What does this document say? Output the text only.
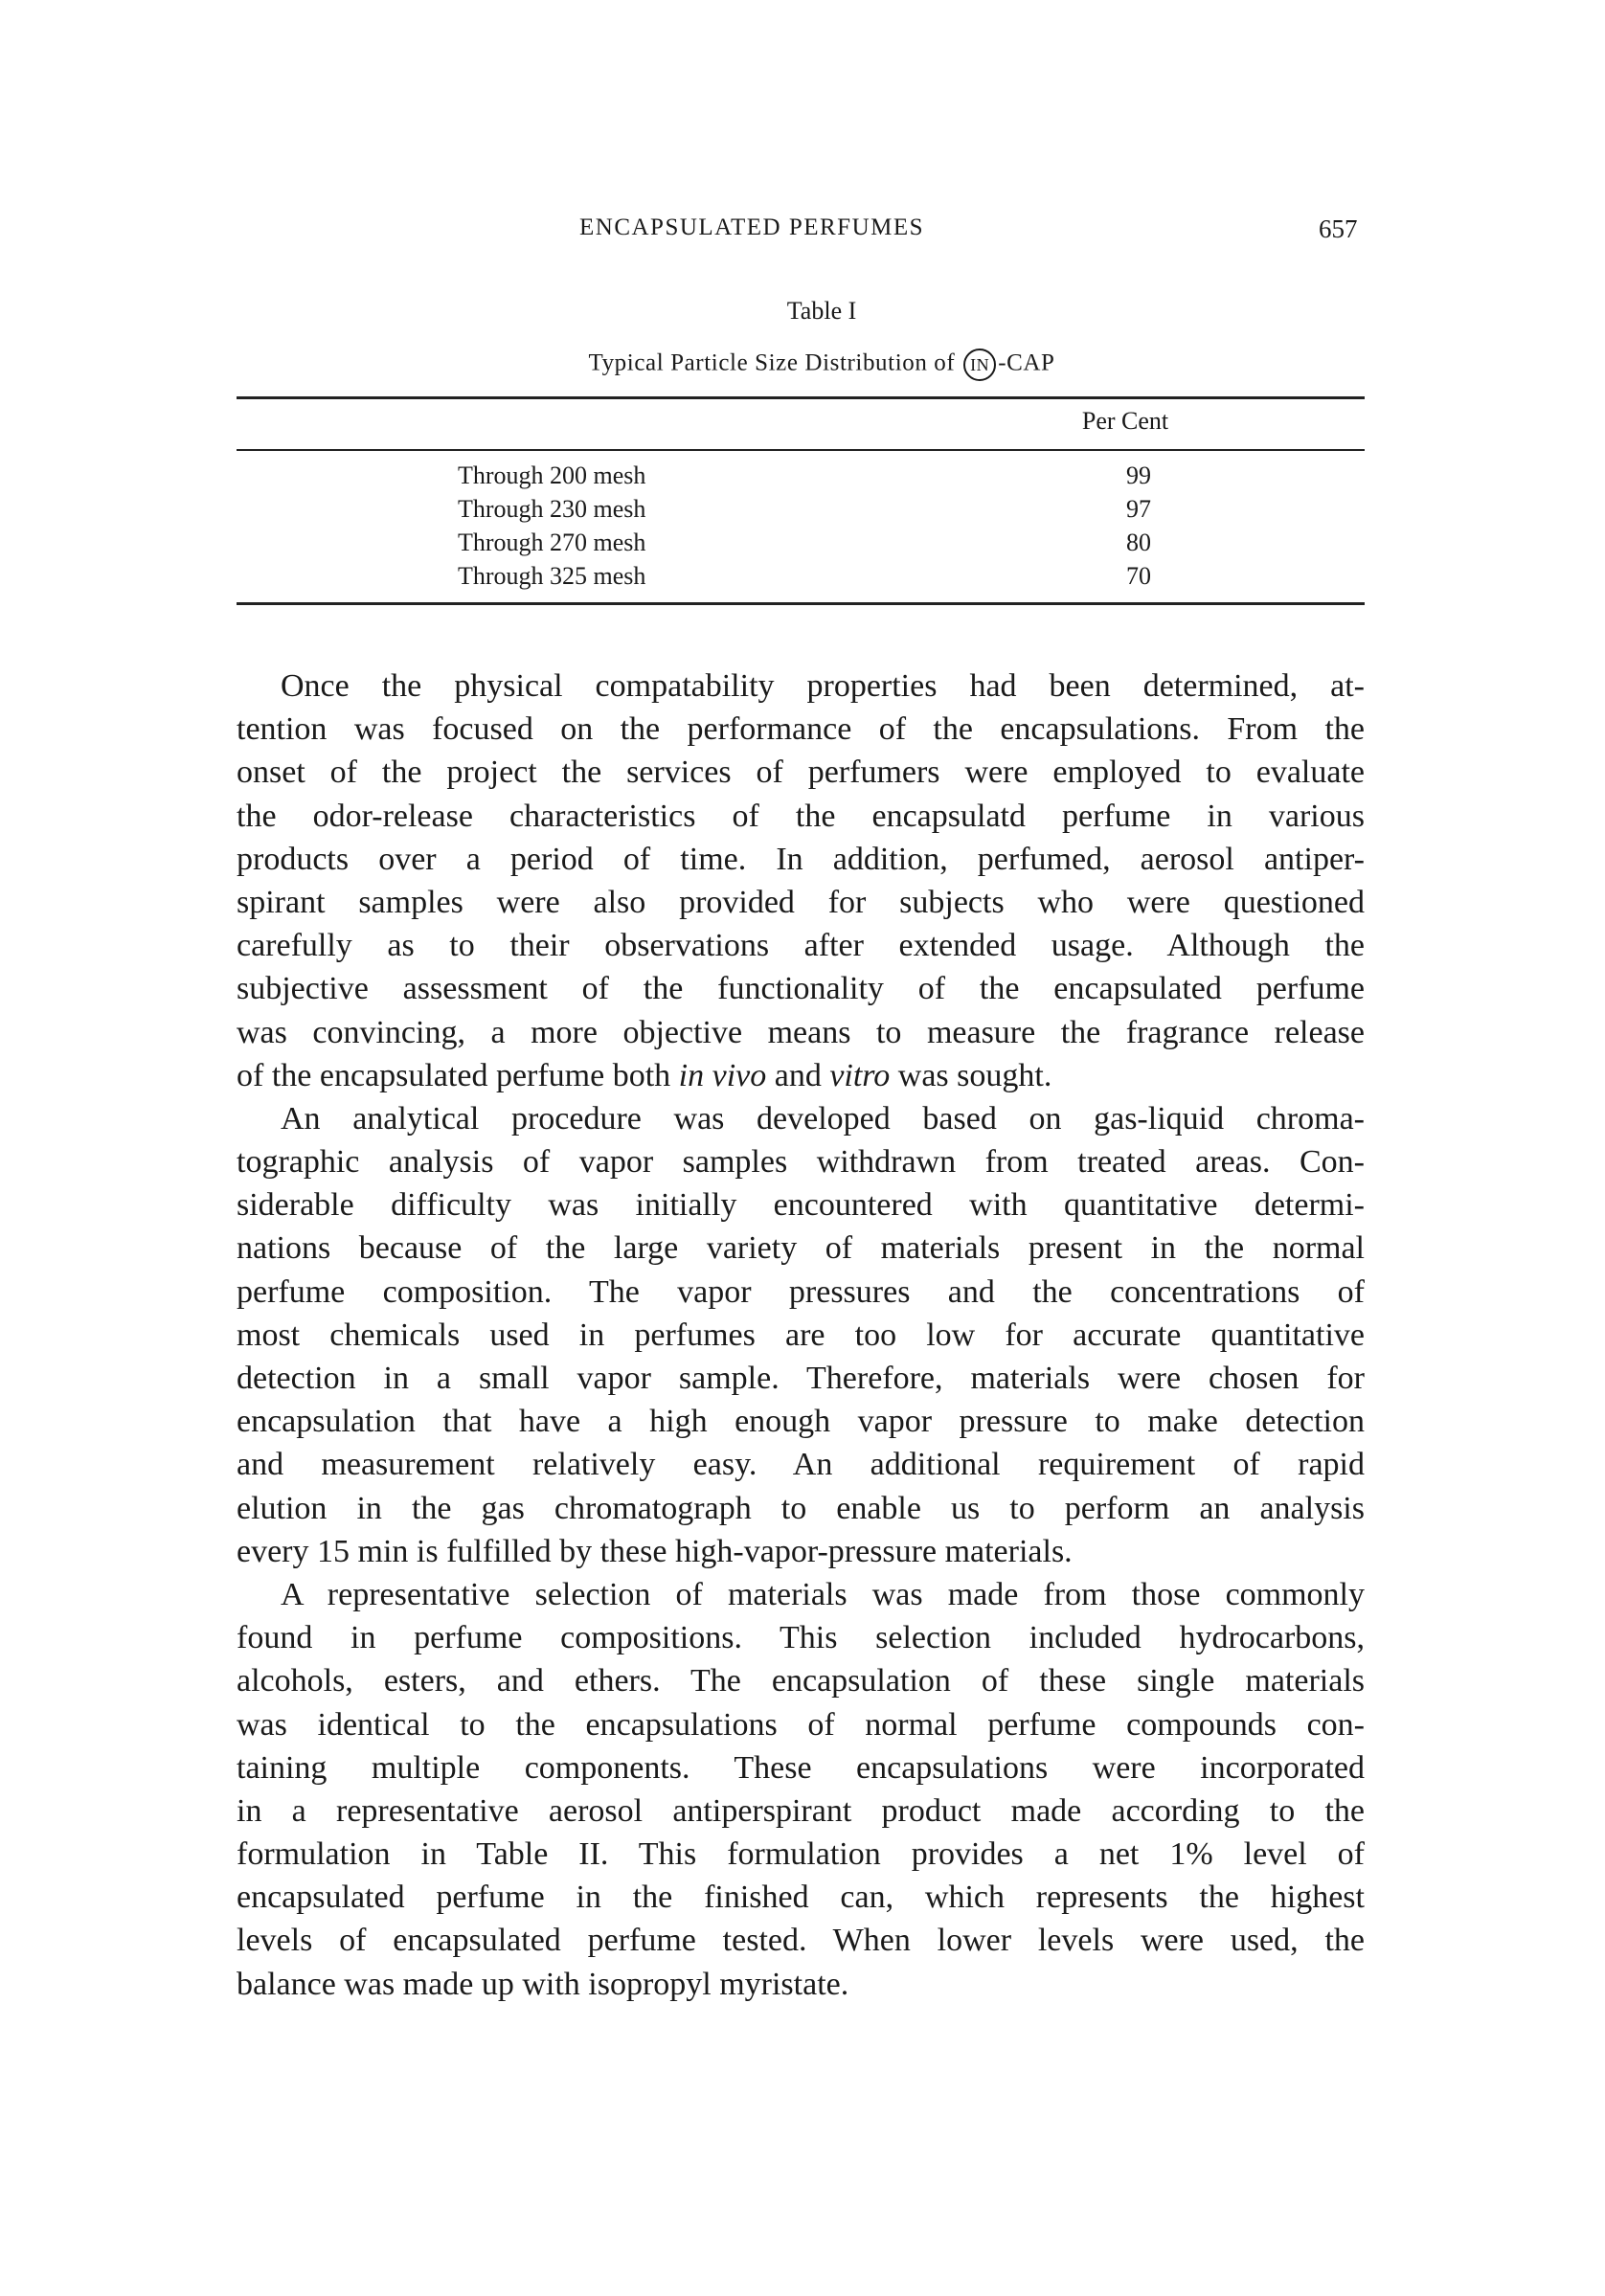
ENCAPSULATED PERFUMES	657
Table I
Typical Particle Size Distribution of IN -CAP
Per Cent
Through 200 mesh	99
Through 230 mesh	97
Through 270 mesh	80
Through 325 mesh	70
Once the physical compatability properties had been determined, at-
tention was focused on the performance of the encapsulations. From the
onset of the project the services of perfumers were employed to evaluate
the odor-release characteristics of the encapsulatd perfume in various
products over a period of time. In addition, perfumed, aerosol antiper-
spirant samples were also provided for subjects who were questioned
carefully as to their observations after extended usage. Although the
subjective assessment of the functionality of the encapsulated perfume
was convincing, a more objective means to measure the fragrance release
of the encapsulated perfume both in vivo and vitro was sought.
An analytical procedure was developed based on gas-liquid chroma-
tographic analysis of vapor samples withdrawn from treated areas. Con-
siderable difficulty was initially encountered with quantitative determi-
nations because of the large variety of materials present in the normal
perfume composition. The vapor pressures and the concentrations of
most chemicals used in perfumes are too low for accurate quantitative
detection in a small vapor sample. Therefore, materials were chosen for
encapsulation that have a high enough vapor pressure to make detection
and measurement relatively easy. An additional requirement of rapid
elution in the gas chromatograph to enable us to perform an analysis
every 15 min is fulfilled by these high-vapor-pressure materials.
A representative selection of materials was made from those commonly
found in perfume compositions. This selection included hydrocarbons,
alcohols, esters, and ethers. The encapsulation of these single materials
was identical to the encapsulations of normal perfume compounds con-
taining multiple components. These encapsulations were incorporated
in a representative aerosol antiperspirant product made according to the
formulation in Table II. This formulation provides a net 1% level of
encapsulated perfume in the finished can, which represents the highest
levels of encapsulated perfume tested. When lower levels were used, the
balance was made up with isopropyl myristate.
